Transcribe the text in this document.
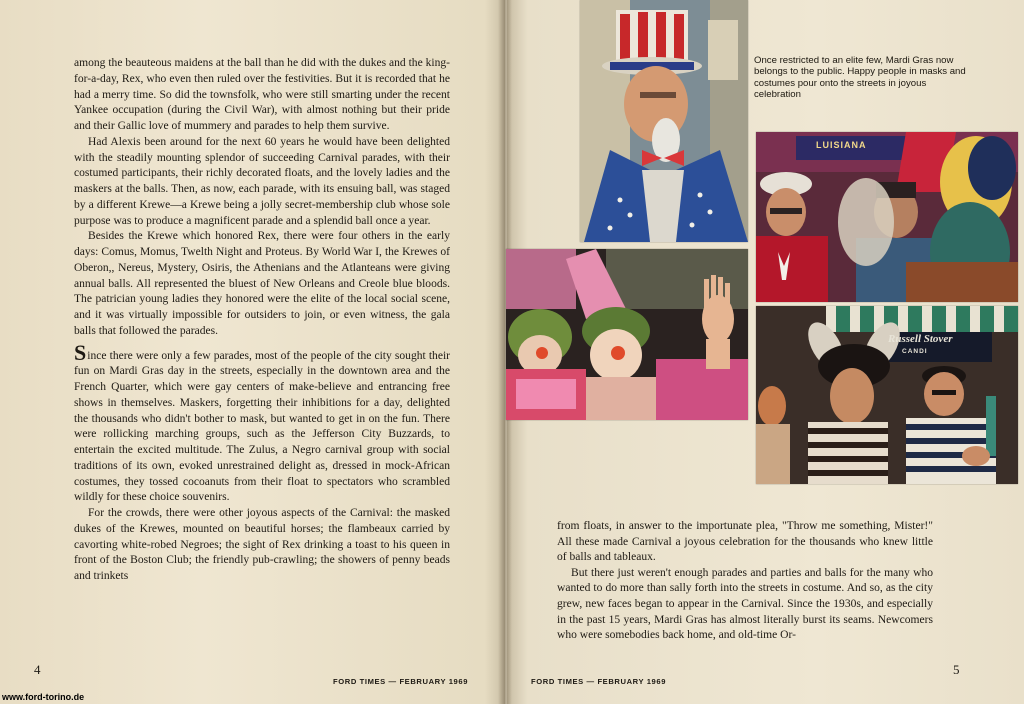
among the beauteous maidens at the ball than he did with the dukes and the king-for-a-day, Rex, who even then ruled over the festivities. But it is recorded that he had a merry time. So did the townsfolk, who were still smarting under the recent Yankee occupation (during the Civil War), with almost nothing but their pride and their Gallic love of mummery and parades to help them survive.

Had Alexis been around for the next 60 years he would have been delighted with the steadily mounting splendor of succeeding Carnival parades, with their costumed participants, their richly decorated floats, and the lovely ladies and the maskers at the balls. Then, as now, each parade, with its ensuing ball, was staged by a different Krewe—a Krewe being a jolly secret-membership club whose sole purpose was to produce a magnificent parade and a splendid ball once a year.

Besides the Krewe which honored Rex, there were four others in the early days: Comus, Momus, Twelth Night and Proteus. By World War I, the Krewes of Oberon,, Nereus, Mystery, Osiris, the Athenians and the Atlanteans were giving annual balls. All represented the bluest of New Orleans and Creole blue bloods. The patrician young ladies they honored were the elite of the local social scene, and it was virtually impossible for outsiders to join, or even witness, the gala balls that followed the parades.

Since there were only a few parades, most of the people of the city sought their fun on Mardi Gras day in the streets, especially in the downtown area and the French Quarter, which were gay centers of make-believe and entrancing free shows in themselves. Maskers, forgetting their inhibitions for a day, delighted the thousands who didn't bother to mask, but wanted to get in on the fun. There were rollicking marching groups, such as the Jefferson City Buzzards, to entertain the excited multitude. The Zulus, a Negro carnival group with social traditions of its own, evoked unrestrained delight as, dressed in mock-African costumes, they tossed cocoanuts from their float to spectators who scrambled wildly for these choice souvenirs.

For the crowds, there were other joyous aspects of the Carnival: the masked dukes of the Krewes, mounted on beautiful horses; the flambeaux carried by cavorting white-robed Negroes; the sight of Rex drinking a toast to his queen in front of the Boston Club; the friendly pub-crawling; the showers of penny beads and trinkets

4
FORD TIMES — FEBRUARY 1969
www.ford-torino.de
LUISIANA
Russell Stover
CANDI
Once restricted to an elite few, Mardi Gras now belongs to the public. Happy people in masks and costumes pour onto the streets in joyous celebration

from floats, in answer to the importunate plea, "Throw me something, Mister!" All these made Carnival a joyous celebration for the thousands who knew little of balls and tableaux.

But there just weren't enough parades and parties and balls for the many who wanted to do more than sally forth into the streets in costume. And so, as the city grew, new faces began to appear in the Carnival. Since the 1930s, and especially in the past 15 years, Mardi Gras has almost literally burst its seams. Newcomers who were somebodies back home, and old-time Or-

5
FORD TIMES — FEBRUARY 1969
